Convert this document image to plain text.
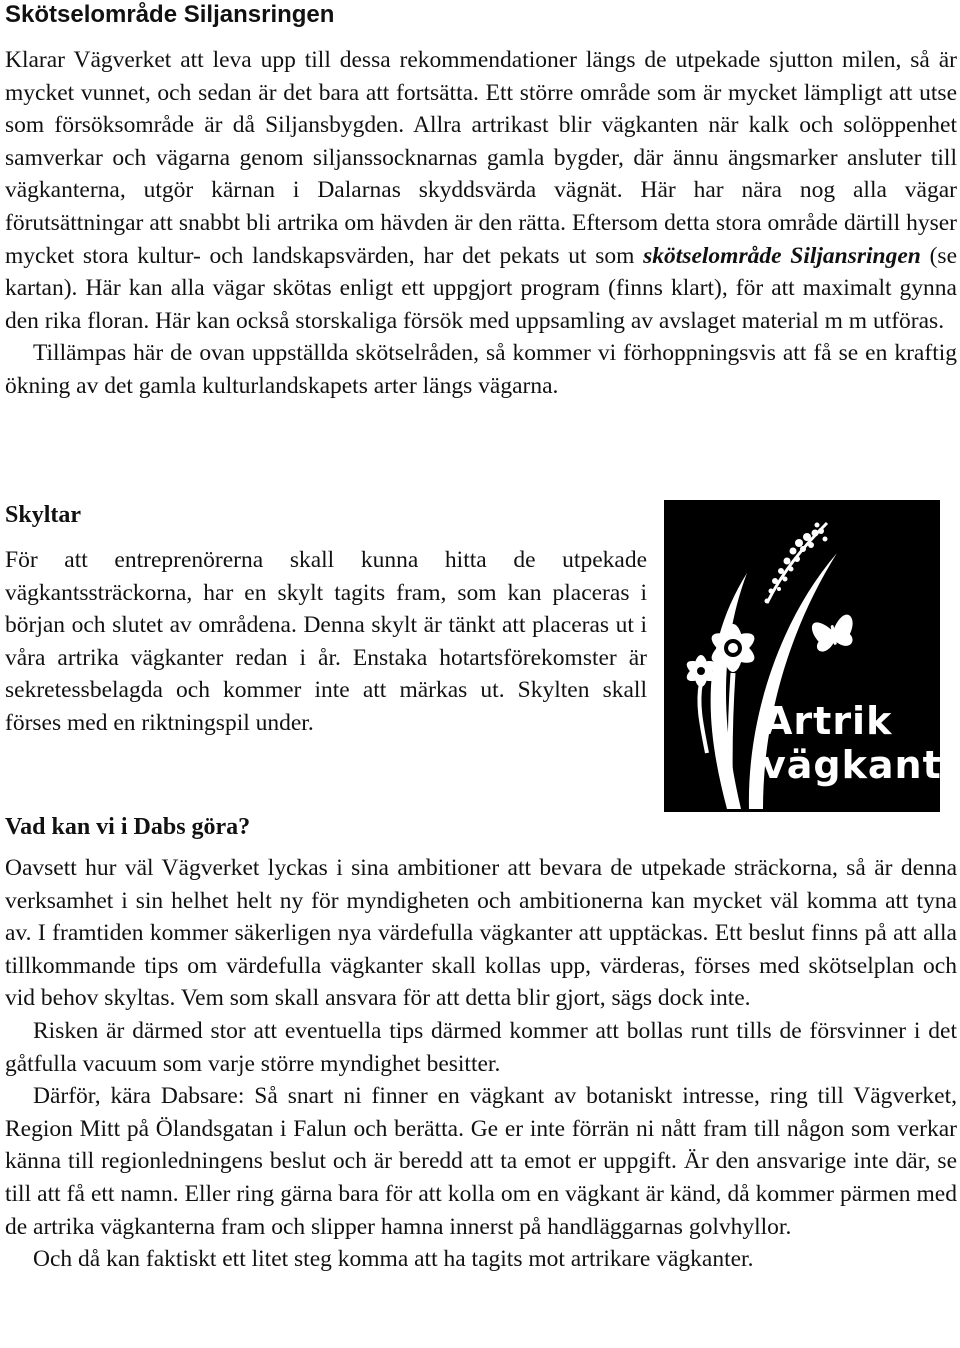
Skötselområde Siljansringen

Klarar Vägverket att leva upp till dessa rekommendationer längs de utpekade sjutton milen, så är mycket vunnet, och sedan är det bara att fortsätta. Ett större område som är mycket lämpligt att utse som försöksområde är då Siljansbygden. Allra artrikast blir vägkanten när kalk och solöppenhet samverkar och vägarna genom siljanssocknarnas gamla bygder, där ännu ängsmarker ansluter till vägkanterna, utgör kärnan i Dalarnas skyddsvärda vägnät. Här har nära nog alla vägar förutsättningar att snabbt bli artrika om hävden är den rätta. Eftersom detta stora område därtill hyser mycket stora kultur- och landskapsvärden, har det pekats ut som skötselområde Siljansringen (se kartan). Här kan alla vägar skötas enligt ett uppgjort program (finns klart), för att maximalt gynna den rika floran. Här kan också storskaliga försök med uppsamling av avslaget material m m utföras.

Tillämpas här de ovan uppställda skötselråden, så kommer vi förhoppningsvis att få se en kraftig ökning av det gamla kulturlandskapets arter längs vägarna.

Skyltar

För att entreprenörerna skall kunna hitta de utpekade vägkantssträckorna, har en skylt tagits fram, som kan placeras i början och slutet av områdena. Denna skylt är tänkt att placeras ut i våra artrika vägkanter redan i år. Enstaka hotartsförekomster är sekretessbelagda och kommer inte att märkas ut. Skylten skall förses med en riktningspil under.

Vad kan vi i Dabs göra?

Oavsett hur väl Vägverket lyckas i sina ambitioner att bevara de utpekade sträckorna, så är denna verksamhet i sin helhet helt ny för myndigheten och ambitionerna kan mycket väl komma att tyna av. I framtiden kommer säkerligen nya värdefulla vägkanter att upptäckas. Ett beslut finns på att alla tillkommande tips om värdefulla vägkanter skall kollas upp, värderas, förses med skötselplan och vid behov skyltas. Vem som skall ansvara för att detta blir gjort, sägs dock inte.

Risken är därmed stor att eventuella tips därmed kommer att bollas runt tills de försvinner i det gåtfulla vacuum som varje större myndighet besitter.

Därför, kära Dabsare: Så snart ni finner en vägkant av botaniskt intresse, ring till Vägverket, Region Mitt på Ölandsgatan i Falun och berätta. Ge er inte förrän ni nått fram till någon som verkar känna till regionledningens beslut och är beredd att ta emot er uppgift. Är den ansvarige inte där, se till att få ett namn. Eller ring gärna bara för att kolla om en vägkant är känd, då kommer pärmen med de artrika vägkanterna fram och slipper hamna innerst på handläggarnas golvhyllor.

Och då kan faktiskt ett litet steg komma att ha tagits mot artrikare vägkanter.

Artrik
vägkant
